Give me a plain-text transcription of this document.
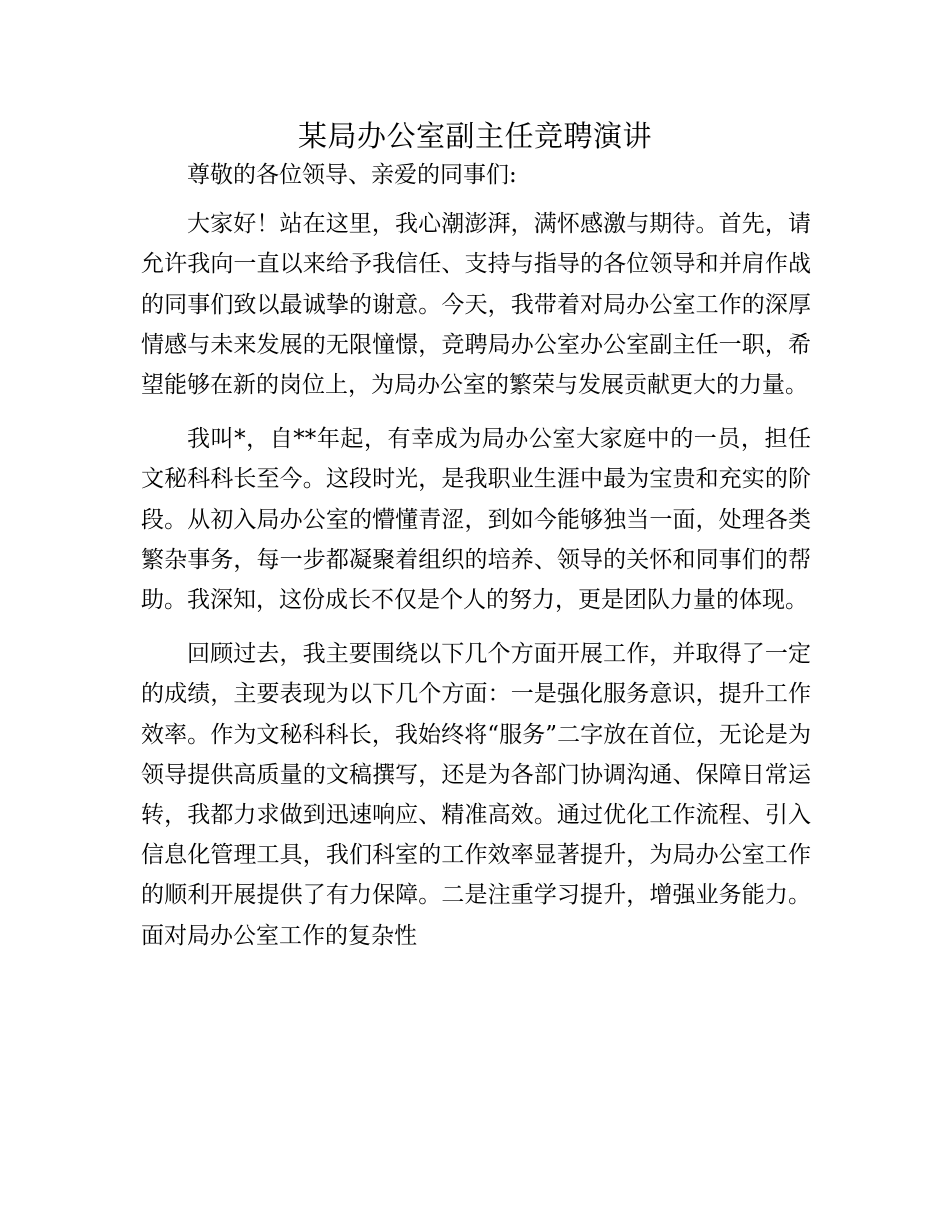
某局办公室副主任竞聘演讲

尊敬的各位领导、亲爱的同事们:

大家好！站在这里，我心潮澎湃，满怀感激与期待。首先，请允许我向一直以来给予我信任、支持与指导的各位领导和并肩作战的同事们致以最诚挚的谢意。今天，我带着对局办公室工作的深厚情感与未来发展的无限憧憬，竞聘局办公室办公室副主任一职，希望能够在新的岗位上，为局办公室的繁荣与发展贡献更大的力量。

我叫*，自**年起，有幸成为局办公室大家庭中的一员，担任文秘科科长至今。这段时光，是我职业生涯中最为宝贵和充实的阶段。从初入局办公室的懵懂青涩，到如今能够独当一面，处理各类繁杂事务，每一步都凝聚着组织的培养、领导的关怀和同事们的帮助。我深知，这份成长不仅是个人的努力，更是团队力量的体现。

回顾过去，我主要围绕以下几个方面开展工作，并取得了一定的成绩，主要表现为以下几个方面：一是强化服务意识，提升工作效率。作为文秘科科长，我始终将“服务”二字放在首位，无论是为领导提供高质量的文稿撰写，还是为各部门协调沟通、保障日常运转，我都力求做到迅速响应、精准高效。通过优化工作流程、引入信息化管理工具，我们科室的工作效率显著提升，为局办公室工作的顺利开展提供了有力保障。二是注重学习提升，增强业务能力。面对局办公室工作的复杂性
